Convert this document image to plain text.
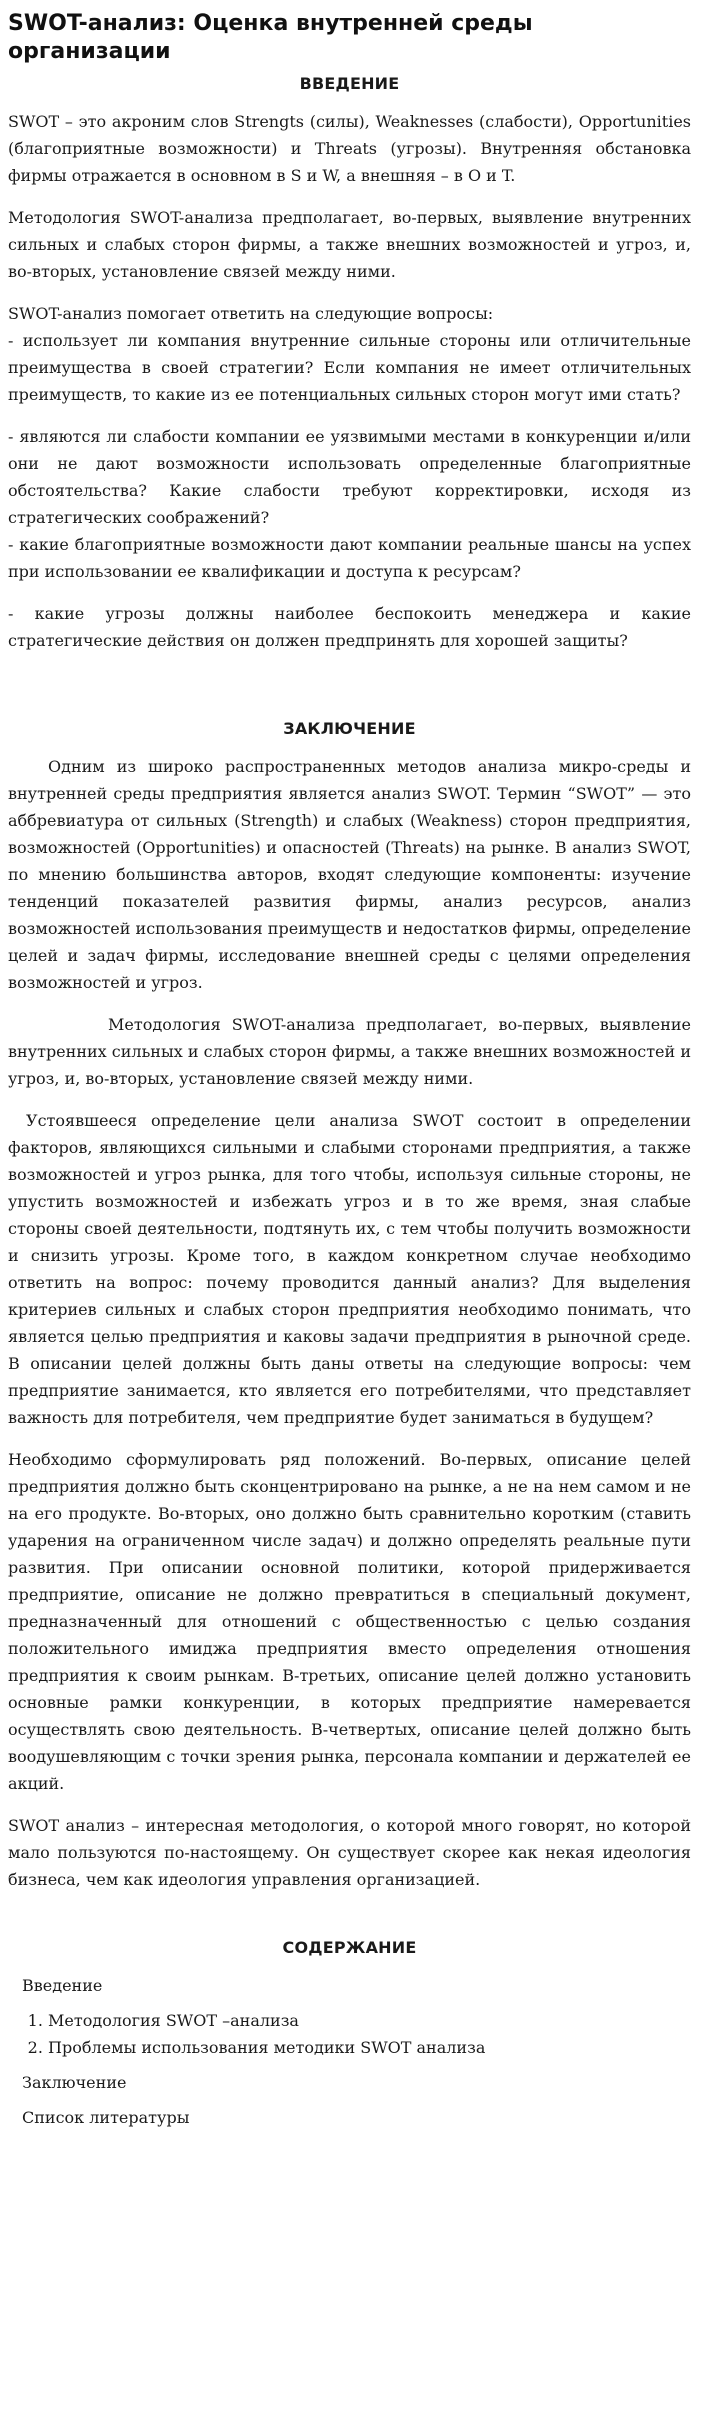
SWOT-анализ: Оценка внутренней среды организации
ВВЕДЕНИЕ

SWOT – это акроним слов Strengts (силы), Weaknesses (слабости), Opportunities (благоприятные возможности) и Threats (угрозы). Внутренняя обстановка фирмы отражается в основном в S и W, а внешняя – в O и T.

Методология SWOT-анализа предполагает, во-первых, выявление внутренних сильных и слабых сторон фирмы, а также внешних возможностей и угроз, и, во-вторых, установление связей между ними.

SWOT-анализ помогает ответить на следующие вопросы:

- использует ли компания внутренние сильные стороны или отличительные преимущества в своей стратегии? Если компания не имеет отличительных преимуществ, то какие из ее потенциальных сильных сторон могут ими стать?

- являются ли слабости компании ее уязвимыми местами в конкуренции и/или они не дают возможности использовать определенные благоприятные обстоятельства? Какие слабости требуют корректировки, исходя из стратегических соображений?

- какие благоприятные возможности дают компании реальные шансы на успех при использовании ее квалификации и доступа к ресурсам?

- какие угрозы должны наиболее беспокоить менеджера и какие стратегические действия он должен предпринять для хорошей защиты?

ЗАКЛЮЧЕНИЕ

Одним из широко распространенных методов анализа микро-среды и внутренней среды предприятия является анализ SWOT. Термин “SWOT” — это аббревиатура от сильных (Strength) и слабых (Weakness) сторон предприятия, возможностей (Opportunities) и опасностей (Threats) на рынке. В анализ SWOT, по мнению большинства авторов, входят следующие компоненты: изучение тенденций показателей развития фирмы, анализ ресурсов, анализ возможностей использования преимуществ и недостатков фирмы, определение целей и задач фирмы, исследование внешней среды с целями определения возможностей и угроз.

Методология SWOT-анализа предполагает, во-первых, выявление внутренних сильных и слабых сторон фирмы, а также внешних возможностей и угроз, и, во-вторых, установление связей между ними.

Устоявшееся определение цели анализа SWOT состоит в определении факторов, являющихся сильными и слабыми сторонами предприятия, а также возможностей и угроз рынка, для того чтобы, используя сильные стороны, не упустить возможностей и избежать угроз и в то же время, зная слабые стороны своей деятельности, подтянуть их, с тем чтобы получить возможности и снизить угрозы. Кроме того, в каждом конкретном случае необходимо ответить на вопрос: почему проводится данный анализ? Для выделения критериев сильных и слабых сторон предприятия необходимо понимать, что является целью предприятия и каковы задачи предприятия в рыночной среде. В описании целей должны быть даны ответы на следующие вопросы: чем предприятие занимается, кто является его потребителями, что представляет важность для потребителя, чем предприятие будет заниматься в будущем?

Необходимо сформулировать ряд положений. Во-первых, описание целей предприятия должно быть сконцентрировано на рынке, а не на нем самом и не на его продукте. Во-вторых, оно должно быть сравнительно коротким (ставить ударения на ограниченном числе задач) и должно определять реальные пути развития. При описании основной политики, которой придерживается предприятие, описание не должно превратиться в специальный документ, предназначенный для отношений с общественностью с целью создания положительного имиджа предприятия вместо определения отношения предприятия к своим рынкам. В-третьих, описание целей должно установить основные рамки конкуренции, в которых предприятие намеревается осуществлять свою деятельность. В-четвертых, описание целей должно быть воодушевляющим с точки зрения рынка, персонала компании и держателей ее акций.

SWOT анализ – интересная методология, о которой много говорят, но которой мало пользуются по-настоящему. Он существует скорее как некая идеология бизнеса, чем как идеология управления организацией.

СОДЕРЖАНИЕ
Введение
1. Методология SWOT –анализа
2. Проблемы использования методики SWOT анализа
Заключение
Список литературы
